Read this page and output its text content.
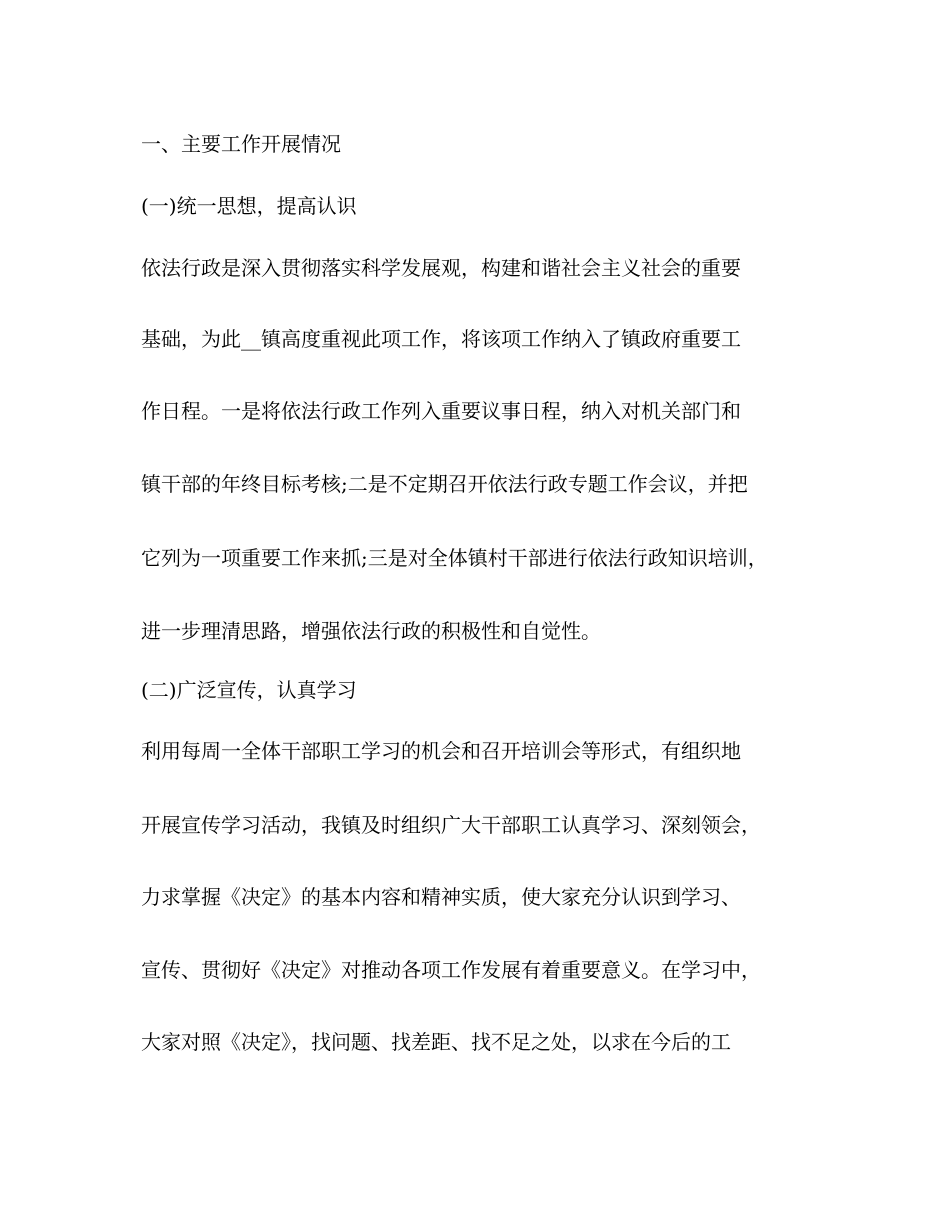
一、主要工作开展情况
(一)统一思想，提高认识
依法行政是深入贯彻落实科学发展观，构建和谐社会主义社会的重要
基础，为此__镇高度重视此项工作，将该项工作纳入了镇政府重要工
作日程。一是将依法行政工作列入重要议事日程，纳入对机关部门和
镇干部的年终目标考核;二是不定期召开依法行政专题工作会议，并把
它列为一项重要工作来抓;三是对全体镇村干部进行依法行政知识培训，
进一步理清思路，增强依法行政的积极性和自觉性。
(二)广泛宣传，认真学习
利用每周一全体干部职工学习的机会和召开培训会等形式，有组织地
开展宣传学习活动，我镇及时组织广大干部职工认真学习、深刻领会，
力求掌握《决定》的基本内容和精神实质，使大家充分认识到学习、
宣传、贯彻好《决定》对推动各项工作发展有着重要意义。在学习中，
大家对照《决定》，找问题、找差距、找不足之处，以求在今后的工
